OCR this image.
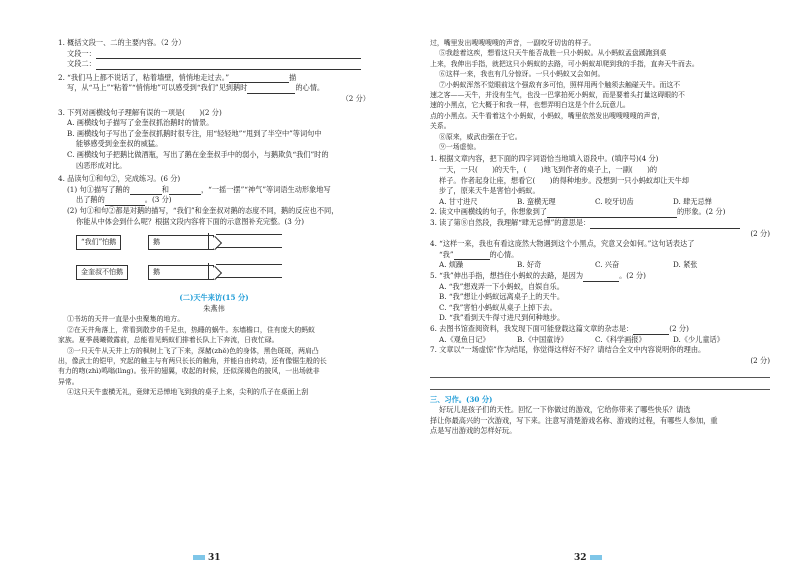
1. 概括文段一、二的主要内容。（2 分）
文段一：
文段二：
2. “我们马上都不说话了，粘着墙壁，悄悄地走过去。”	描
写，从“马上”“粘着”“悄悄地”可以感受到“我们”见到鹅时	的心情。
（2 分）
3. 下列对画横线句子理解有误的一项是(　　)(2 分)
A. 画横线句子描写了金奎叔抓治鹅时的情景。
B. 画横线句子写出了金奎叔抓鹅时很专注，用“轻轻地”“甩到了半空中”等词句中
能够感受到金奎叔的威猛。
C. 画横线句子把鹅比做酒瓶，写出了鹅在金奎叔手中的弱小，与鹅欺负“我们”时的
凶恶形成对比。
4. 品读句①和句②，完成练习。(6 分)
(1) 句①描写了鹅的	和	，“一摇一摆”“神气”等词语生动形象地写
出了鹅的	。(3 分)
(2) 句①和句②都是对鹅的描写，“我们”和金奎叔对鹅的态度不同，鹅的反应也不同，
你能从中体会到什么呢？根据文段内容将下面的示意图补充完整。(3 分)
“我们”怕鹅	鹅
金奎叔不怕鹅	鹅
(二)天牛来访(15 分)
朱燕伟
①书坊的天井一直是小虫聚集的地方。
②在天井角落上，常看到散步的千足虫，热睡的蜗牛。东墙檐口，住有庞大的蚂蚁
家族。夏季晨曦微露前，总能看见蚂蚁们排着长队上下奔流，日夜忙碌。
③一只天牛从天井上方的枫树上飞了下来，深赭(zhě)色的身体，黑色斑斑，两肩凸
出，像武士的铠甲，究起的触主与有两只长长的触角，并能自由转动，还有像锯生般的长
有力的吻(zhì)鸣嗡(lìng)。张开的翅翼，收起的时候，还似深褐色的披风，一出场就非
异常。
④这只天牛蛮横无礼，竟肆无忌惮地飞到我的桌子上来，尖利的爪子在桌面上刮
31
过，嘴里发出嗖嗖嗖嗖的声音，一副咬牙切齿的样子。
⑤我趁着这疾，想看这只天牛能否战胜一只小蚂蚁。从小蚂蚁孟盘蹊跑到桌
上来，我伸出手指，就把这只小蚂蚁的去路，可小蚂蚁却爬到我的手指，直奔天牛而去。
⑥这样一来，我也有几分惊讶。一只小蚂蚁又会如何。
⑦小蚂蚁浑然不觉眼前这个强敌有多可怕，照样用两个触须去触碰天牛。而这不
速之客——天牛，并没有生气，也没一巴掌拍死小蚂蚁，而是要着头打量这碍眼的不
速的小黑点，它大概于和我一样，也想弄明白这是个什么玩意儿。
点的小黑点。天牛看着这个小蚂蚁，小蚂蚁，嘴里依然发出嗖嗖嗖嗖的声音，
关系。
⑧原来，威武由强在于它。
⑨一场虚惊。
1. 根据文章内容，把下面的四字词语恰当地填入语段中。(填序号)(4 分)
一天，一只(　　)的天牛，(　　)地飞到作者的桌子上，一副(　　)的
样子。作者起身让座，想看它(　　)的得种地步。没想到一只小蚂蚁却让天牛却
步了，原来天牛是害怕小蚂蚁。
A. 甘寸进尺	B. 蛮横无理	C. 咬牙切齿	D. 肆无忌惮
2. 读文中画横线的句子，你想象到了	的形象。(2 分)
3. 读了第⑧自然段，我理解“肆无忌惮”的意思是：
(2 分)
4. “这样一来，我也有看这庞然大物遇到这个小黑点，究意又会如何。”这句话表达了
“我”	的心情。
A. 烦躁	B. 好奇	C. 兴奋	D. 紧张
5. “我”伸出手指，想挡住小蚂蚁的去路，是因为	。(2 分)
A. “我”想戏弄一下小蚂蚁，自娱自乐。
B. “我”想让小蚂蚁远离桌子上的天牛。
C. “我”害怕小蚂蚁从桌子上掉下去。
D. “我”看到天牛得寸进尺到何种地步。
6. 去图书馆查阅资料，我发现下面可能登载这篇文章的杂志是：	(2 分)
A.《观鱼日记》	B.《中国童诗》	C.《科学画报》	D.《少儿童话》
7. 文章以“一场虚惊”作为结尾，你觉得这样好不好？请结合全文中内容说明你的理由。
(2 分)
三、习作。(30 分)
好玩儿是孩子们的天性。回忆一下你做过的游戏，它给你带来了哪些快乐？请选
择让你最高兴的一次游戏，写下来。注意写清楚游戏名称、游戏的过程，有哪些人参加，重
点是写出游戏的怎样好玩。
32
